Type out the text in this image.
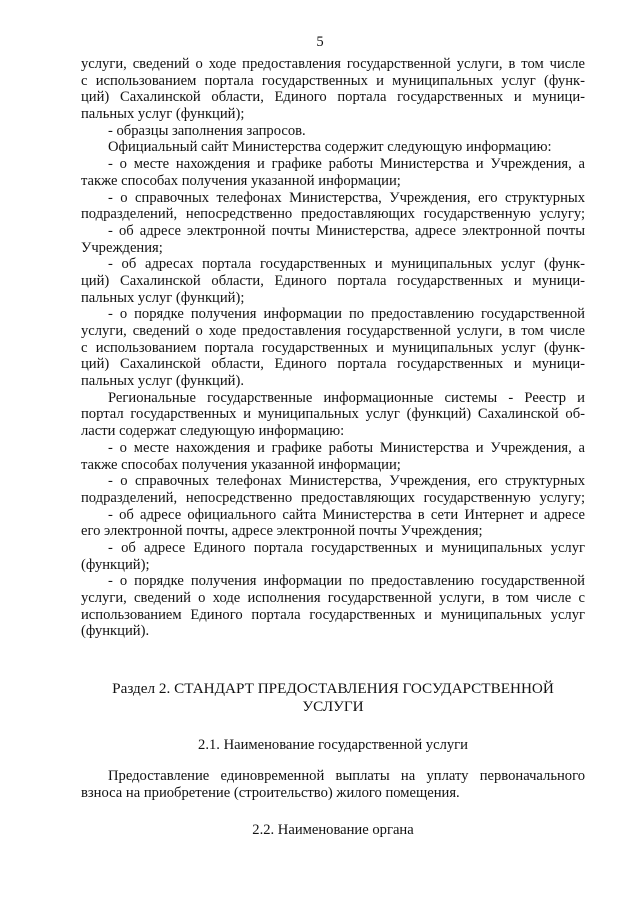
5
услуги, сведений о ходе предоставления государственной услуги, в том числе
с использованием портала государственных и муниципальных услуг (функ-
ций) Сахалинской области, Единого портала государственных и муници-
пальных услуг (функций);
- образцы заполнения запросов.
Официальный сайт Министерства содержит следующую информацию:
- о месте нахождения и графике работы Министерства и Учреждения, а
также способах получения указанной информации;
- о справочных телефонах Министерства, Учреждения, его структурных
подразделений, непосредственно предоставляющих государственную услугу;
- об адресе электронной почты Министерства, адресе электронной почты
Учреждения;
- об адресах портала государственных и муниципальных услуг (функ-
ций) Сахалинской области, Единого портала государственных и муници-
пальных услуг (функций);
- о порядке получения информации по предоставлению государственной
услуги, сведений о ходе предоставления государственной услуги, в том числе
с использованием портала государственных и муниципальных услуг (функ-
ций) Сахалинской области, Единого портала государственных и муници-
пальных услуг (функций).
Региональные государственные информационные системы - Реестр и
портал государственных и муниципальных услуг (функций) Сахалинской об-
ласти содержат следующую информацию:
- о месте нахождения и графике работы Министерства и Учреждения, а
также способах получения указанной информации;
- о справочных телефонах Министерства, Учреждения, его структурных
подразделений, непосредственно предоставляющих государственную услугу;
- об адресе официального сайта Министерства в сети Интернет и адресе
его электронной почты, адресе электронной почты Учреждения;
- об адресе Единого портала государственных и муниципальных услуг
(функций);
- о порядке получения информации по предоставлению государственной
услуги, сведений о ходе исполнения государственной услуги, в том числе с
использованием Единого портала государственных и муниципальных услуг
(функций).
Раздел 2. СТАНДАРТ ПРЕДОСТАВЛЕНИЯ ГОСУДАРСТВЕННОЙ
УСЛУГИ
2.1. Наименование государственной услуги
Предоставление единовременной выплаты на уплату первоначального
взноса на приобретение (строительство) жилого помещения.
2.2. Наименование органа
